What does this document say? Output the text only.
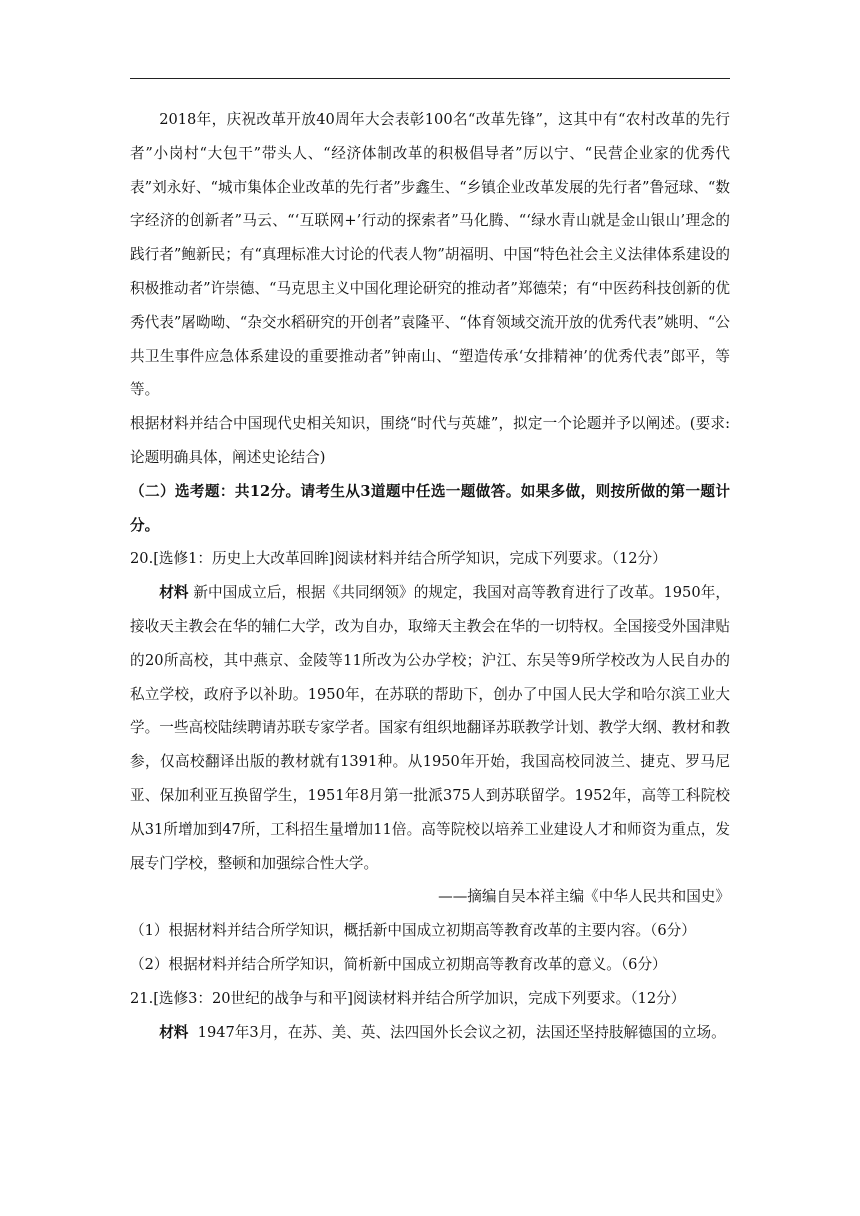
2018年，庆祝改革开放40周年大会表彰100名“改革先锋”，这其中有“农村改革的先行者”小岗村“大包干”带头人、“经济体制改革的积极倡导者”厉以宁、“民营企业家的优秀代表”刘永好、“城市集体企业改革的先行者”步鑫生、“乡镇企业改革发展的先行者”鲁冠球、“数字经济的创新者”马云、“‘互联网+’行动的探索者”马化腾、“‘绿水青山就是金山银山’理念的践行者”鲍新民；有“真理标准大讨论的代表人物”胡福明、中国“特色社会主义法律体系建设的积极推动者”许崇德、“马克思主义中国化理论研究的推动者”郑德荣；有“中医药科技创新的优秀代表”屠呦呦、“杂交水稻研究的开创者”袁隆平、“体育领域交流开放的优秀代表”姚明、“公共卫生事件应急体系建设的重要推动者”钟南山、“塑造传承‘女排精神’的优秀代表”郎平，等等。

根据材料并结合中国现代史相关知识，围绕“时代与英雄”，拟定一个论题并予以阐述。(要求:论题明确具体，阐述史论结合)

（二）选考题：共12分。请考生从3道题中任选一题做答。如果多做，则按所做的第一题计分。

20.[选修1：历史上大改革回眸]阅读材料并结合所学知识，完成下列要求。（12分）

材料 新中国成立后，根据《共同纲领》的规定，我国对高等教育进行了改革。1950年，接收天主教会在华的辅仁大学，改为自办，取缔天主教会在华的一切特权。全国接受外国津贴的20所高校，其中燕京、金陵等11所改为公办学校；沪江、东吴等9所学校改为人民自办的私立学校，政府予以补助。1950年，在苏联的帮助下，创办了中国人民大学和哈尔滨工业大学。一些高校陆续聘请苏联专家学者。国家有组织地翻译苏联教学计划、教学大纲、教材和教参，仅高校翻译出版的教材就有1391种。从1950年开始，我国高校同波兰、捷克、罗马尼亚、保加利亚互换留学生，1951年8月第一批派375人到苏联留学。1952年，高等工科院校从31所增加到47所，工科招生量增加11倍。高等院校以培养工业建设人才和师资为重点，发展专门学校，整顿和加强综合性大学。

——摘编自吴本祥主编《中华人民共和国史》

（1）根据材料并结合所学知识，概括新中国成立初期高等教育改革的主要内容。（6分）

（2）根据材料并结合所学知识，简析新中国成立初期高等教育改革的意义。（6分）

21.[选修3：20世纪的战争与和平]阅读材料并结合所学加识，完成下列要求。（12分）

材料 1947年3月，在苏、美、英、法四国外长会议之初，法国还坚持肢解德国的立场。
